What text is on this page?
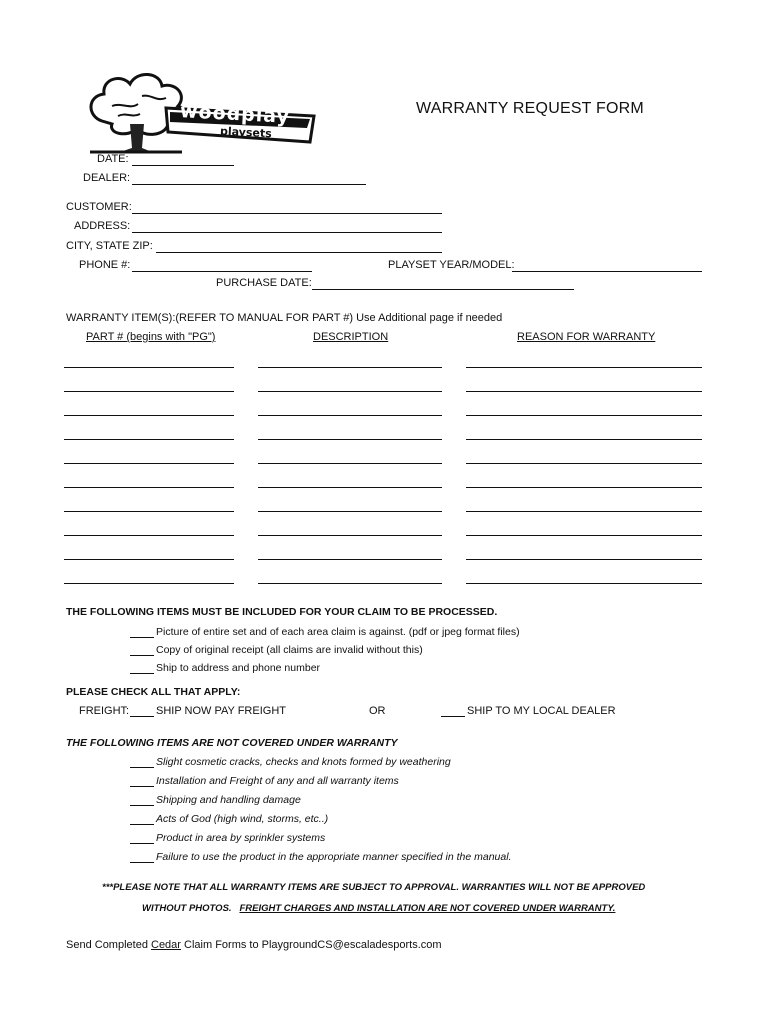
woodplay
playsets
WARRANTY REQUEST FORM
DATE:
DEALER:
CUSTOMER:
ADDRESS:
CITY, STATE ZIP:
PHONE #:	PLAYSET YEAR/MODEL:
PURCHASE DATE:
WARRANTY ITEM(S):(REFER TO MANUAL FOR PART #) Use Additional page if needed
PART # (begins with "PG")	DESCRIPTION	REASON FOR WARRANTY
THE FOLLOWING ITEMS MUST BE INCLUDED FOR YOUR CLAIM TO BE PROCESSED.
Picture of entire set and of each area claim is against. (pdf or jpeg format files)
Copy of original receipt (all claims are invalid without this)
Ship to address and phone number
PLEASE CHECK ALL THAT APPLY:
FREIGHT:	SHIP NOW PAY FREIGHT	OR	SHIP TO MY LOCAL DEALER
THE FOLLOWING ITEMS ARE NOT COVERED UNDER WARRANTY
Slight cosmetic cracks, checks and knots formed by weathering
Installation and Freight of any and all warranty items
Shipping and handling damage
Acts of God (high wind, storms, etc..)
Product in area by sprinkler systems
Failure to use the product in the appropriate manner specified in the manual.
***PLEASE NOTE THAT ALL WARRANTY ITEMS ARE SUBJECT TO APPROVAL. WARRANTIES WILL NOT BE APPROVED
WITHOUT PHOTOS. FREIGHT CHARGES AND INSTALLATION ARE NOT COVERED UNDER WARRANTY.
Send Completed Cedar Claim Forms to PlaygroundCS@escaladesports.com
